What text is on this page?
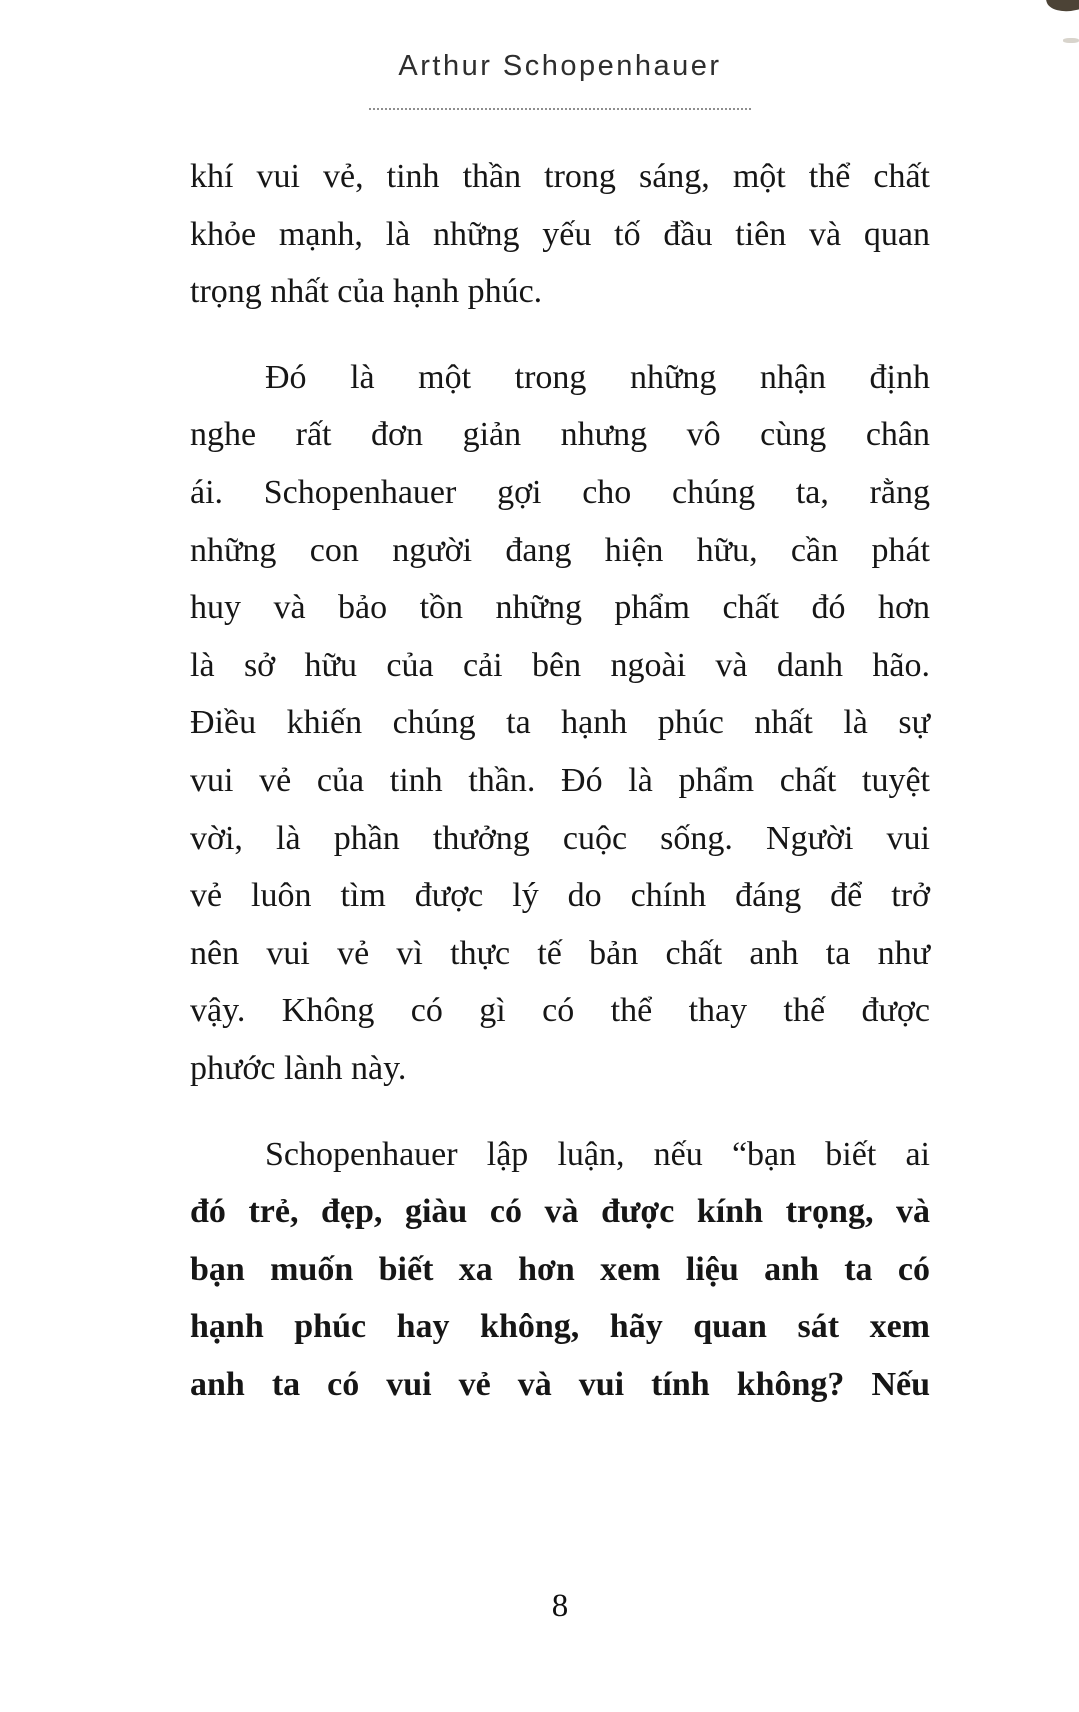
Arthur Schopenhauer
khí vui vẻ, tinh thần trong sáng, một thể chất
khỏe mạnh, là những yếu tố đầu tiên và quan
trọng nhất của hạnh phúc.
Đó là một trong những nhận định
nghe rất đơn giản nhưng vô cùng chân
ái. Schopenhauer gợi cho chúng ta, rằng
những con người đang hiện hữu, cần phát
huy và bảo tồn những phẩm chất đó hơn
là sở hữu của cải bên ngoài và danh hão.
Điều khiến chúng ta hạnh phúc nhất là sự
vui vẻ của tinh thần. Đó là phẩm chất tuyệt
vời, là phần thưởng cuộc sống. Người vui
vẻ luôn tìm được lý do chính đáng để trở
nên vui vẻ vì thực tế bản chất anh ta như
vậy. Không có gì có thể thay thế được
phước lành này.
Schopenhauer lập luận, nếu “bạn biết ai
đó trẻ, đẹp, giàu có và được kính trọng, và
bạn muốn biết xa hơn xem liệu anh ta có
hạnh phúc hay không, hãy quan sát xem
anh ta có vui vẻ và vui tính không? Nếu
8
